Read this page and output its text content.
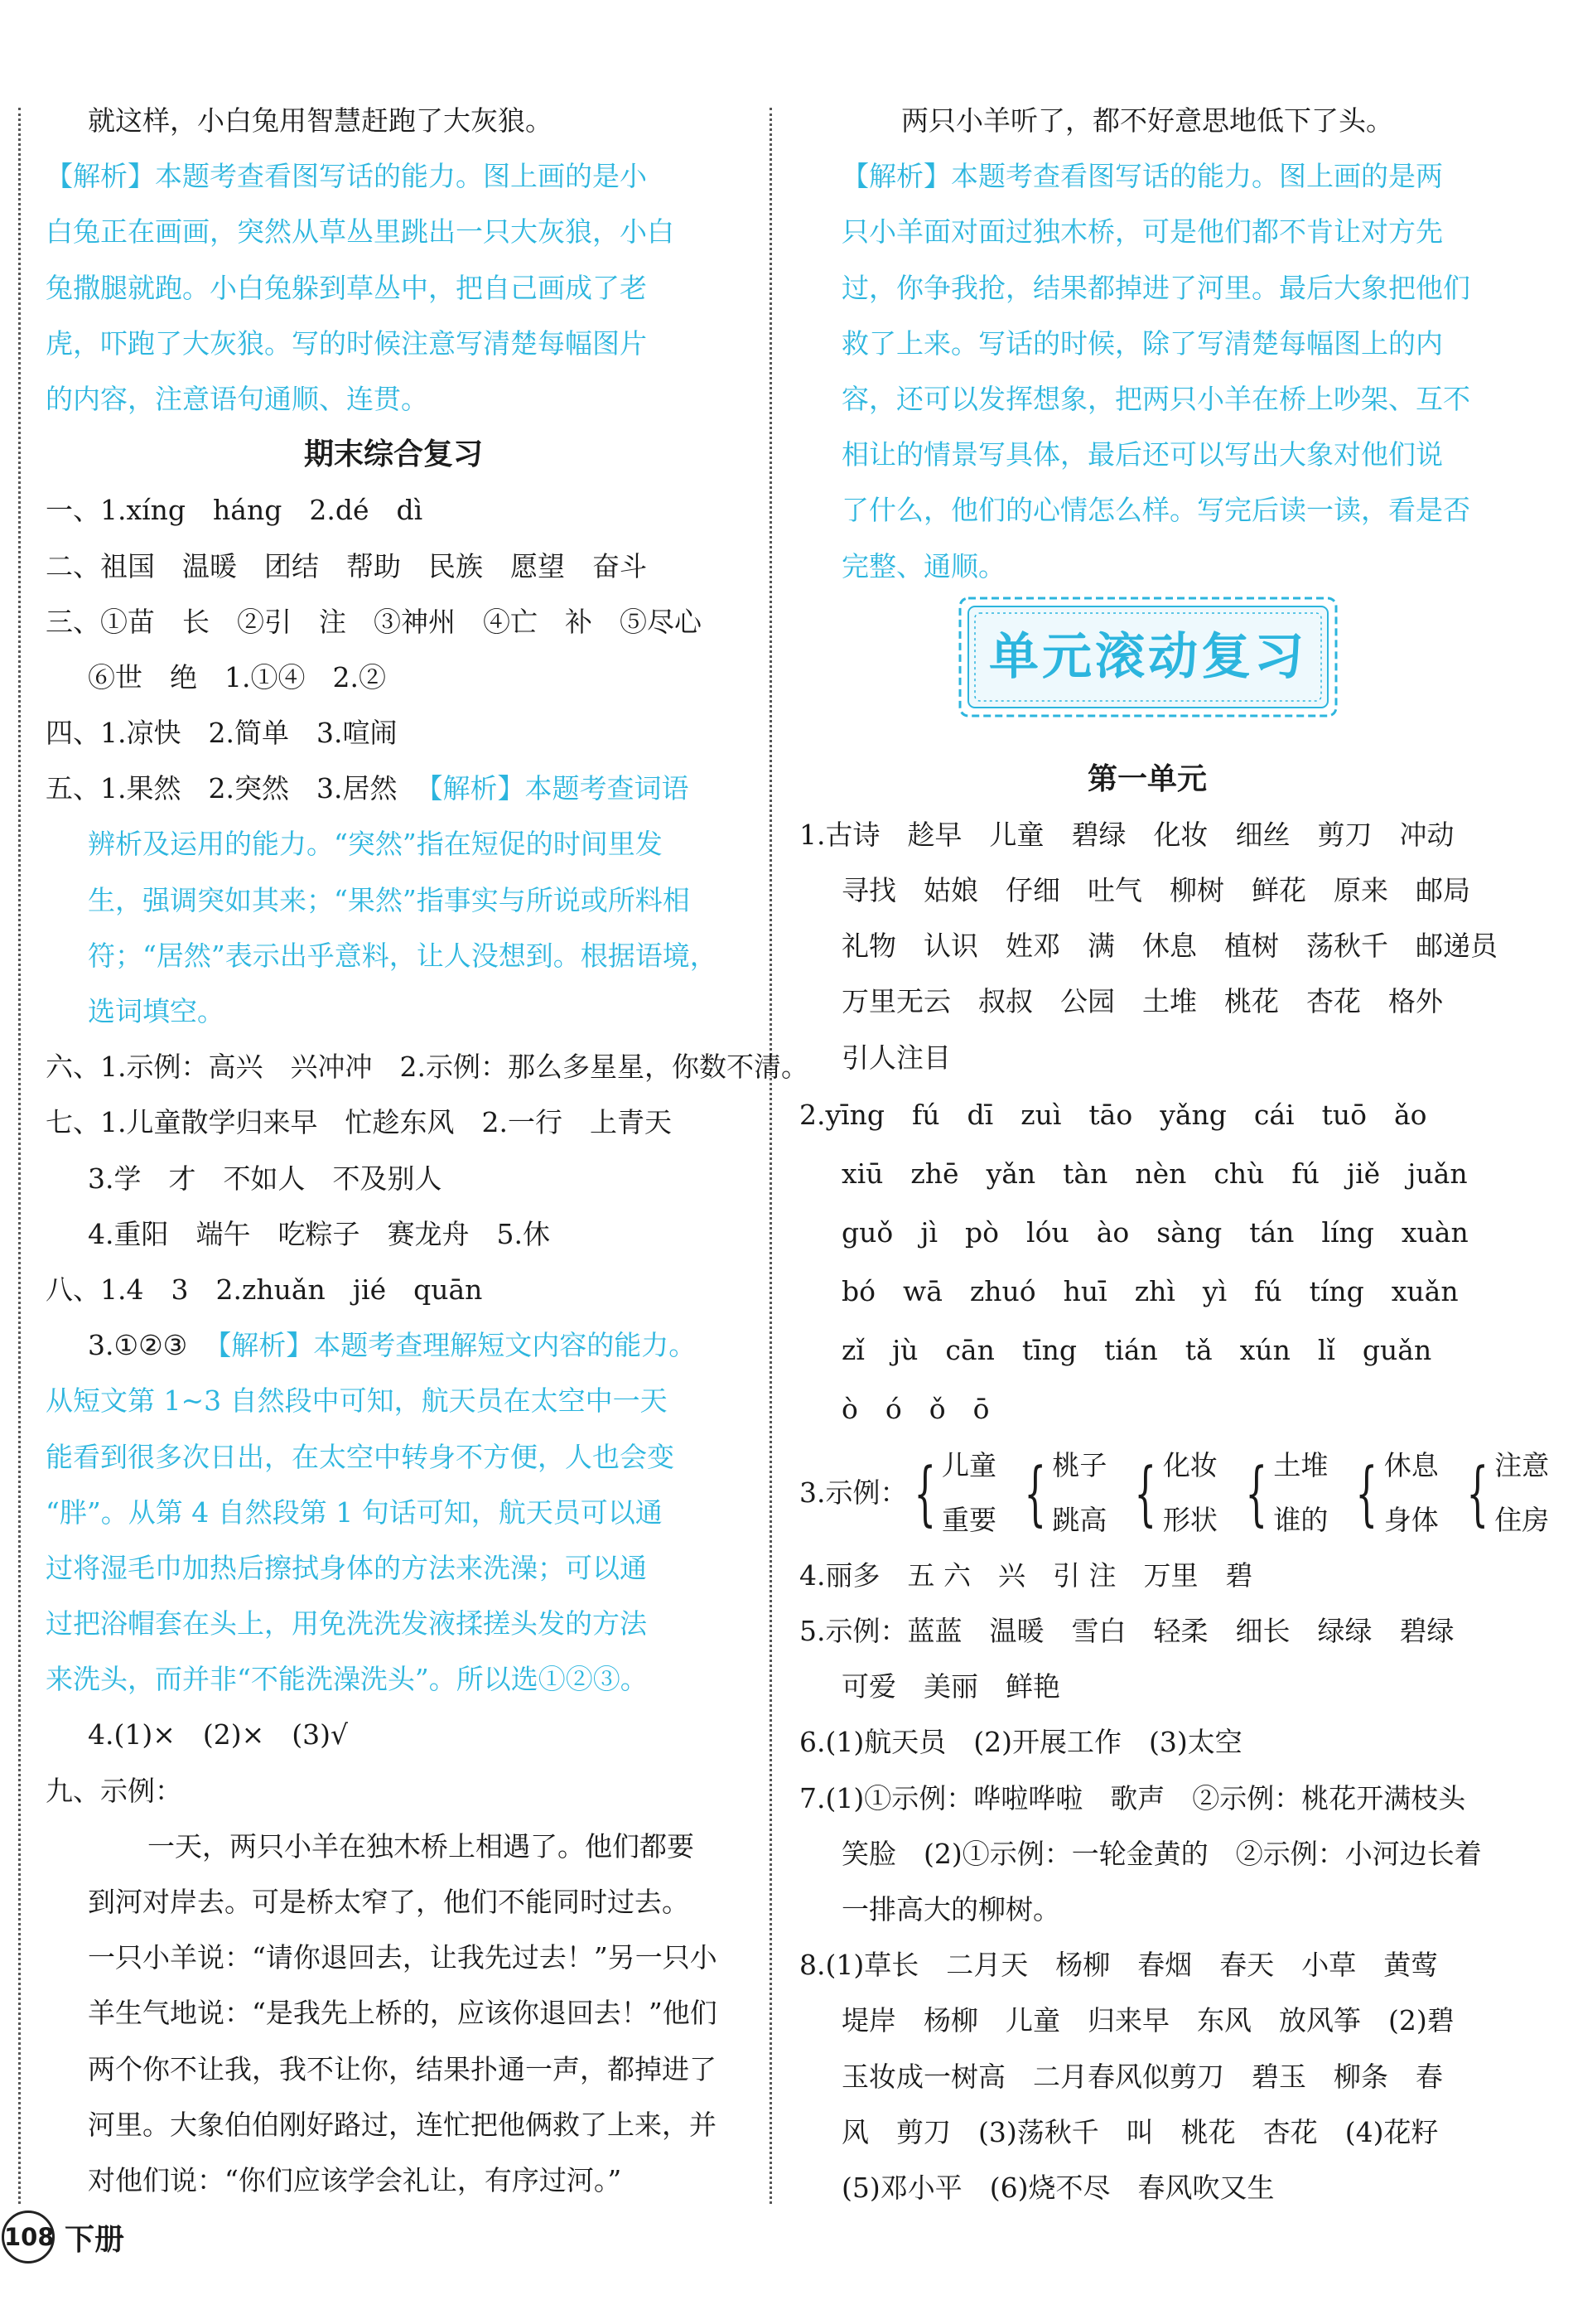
就这样，小白兔用智慧赶跑了大灰狼。
【解析】本题考查看图写话的能力。图上画的是小
白兔正在画画，突然从草丛里跳出一只大灰狼，小白
兔撒腿就跑。小白兔躲到草丛中，把自己画成了老
虎，吓跑了大灰狼。写的时候注意写清楚每幅图片
的内容，注意语句通顺、连贯。
期末综合复习
一、1.xíng　háng　2.dé　dì
二、祖国　温暖　团结　帮助　民族　愿望　奋斗
三、①苗　长　②引　注　③神州　④亡　补　⑤尽心
⑥世　绝　1.①④　2.②
四、1.凉快　2.简单　3.喧闹
五、1.果然　2.突然　3.居然 【解析】本题考查词语
辨析及运用的能力。“突然”指在短促的时间里发
生，强调突如其来；“果然”指事实与所说或所料相
符；“居然”表示出乎意料，让人没想到。根据语境，
选词填空。
六、1.示例：高兴　兴冲冲　2.示例：那么多星星，你数不清。
七、1.儿童散学归来早　忙趁东风　2.一行　上青天
3.学　才　不如人　不及别人
4.重阳　端午　吃粽子　赛龙舟　5.休
八、1.4　3　2.zhuǎn　jié　quān
3.①②③ 【解析】本题考查理解短文内容的能力。
从短文第 1~3 自然段中可知，航天员在太空中一天
能看到很多次日出，在太空中转身不方便，人也会变
“胖”。从第 4 自然段第 1 句话可知，航天员可以通
过将湿毛巾加热后擦拭身体的方法来洗澡；可以通
过把浴帽套在头上，用免洗洗发液揉搓头发的方法
来洗头，而并非“不能洗澡洗头”。所以选①②③。
4.(1)×　(2)×　(3)√
九、示例：
一天，两只小羊在独木桥上相遇了。他们都要
到河对岸去。可是桥太窄了，他们不能同时过去。
一只小羊说：“请你退回去，让我先过去！”另一只小
羊生气地说：“是我先上桥的，应该你退回去！”他们
两个你不让我，我不让你，结果扑通一声，都掉进了
河里。大象伯伯刚好路过，连忙把他俩救了上来，并
对他们说：“你们应该学会礼让，有序过河。”
两只小羊听了，都不好意思地低下了头。
【解析】本题考查看图写话的能力。图上画的是两
只小羊面对面过独木桥，可是他们都不肯让对方先
过，你争我抢，结果都掉进了河里。最后大象把他们
救了上来。写话的时候，除了写清楚每幅图上的内
容，还可以发挥想象，把两只小羊在桥上吵架、互不
相让的情景写具体，最后还可以写出大象对他们说
了什么，他们的心情怎么样。写完后读一读，看是否
完整、通顺。
第一单元
1.古诗　趁早　儿童　碧绿　化妆　细丝　剪刀　冲动
寻找　姑娘　仔细　吐气　柳树　鲜花　原来　邮局
礼物　认识　姓邓　满　休息　植树　荡秋千　邮递员
万里无云　叔叔　公园　土堆　桃花　杏花　格外
引人注目
2.yīng　fú　dī　zuì　tāo　yǎng　cái　tuō　ǎo
xiū　zhē　yǎn　tàn　nèn　chù　fú　jiě　juǎn
guǒ　jì　pò　lóu　ào　sàng　tán　líng　xuàn
bó　wā　zhuó　huī　zhì　yì　fú　tíng　xuǎn
zǐ　jù　cān　tīng　tián　tǎ　xún　lǐ　guǎn
ò　ó　ǒ　ō
3.示例： { 儿童
重要 { 桃子
跳高 { 化妆
形状 { 土堆
谁的 { 休息
身体 { 注意
住房
4.丽多　五 六　兴　引 注　万里　碧
5.示例：蓝蓝　温暖　雪白　轻柔　细长　绿绿　碧绿
可爱　美丽　鲜艳
6.(1)航天员　(2)开展工作　(3)太空
7.(1)①示例：哗啦哗啦　歌声　②示例：桃花开满枝头
笑脸　(2)①示例：一轮金黄的　②示例：小河边长着
一排高大的柳树。
8.(1)草长　二月天　杨柳　春烟　春天　小草　黄莺
堤岸　杨柳　儿童　归来早　东风　放风筝　(2)碧
玉妆成一树高　二月春风似剪刀　碧玉　柳条　春
风　剪刀　(3)荡秋千　叫　桃花　杏花　(4)花籽
(5)邓小平　(6)烧不尽　春风吹又生
单元滚动复习
108 下册
